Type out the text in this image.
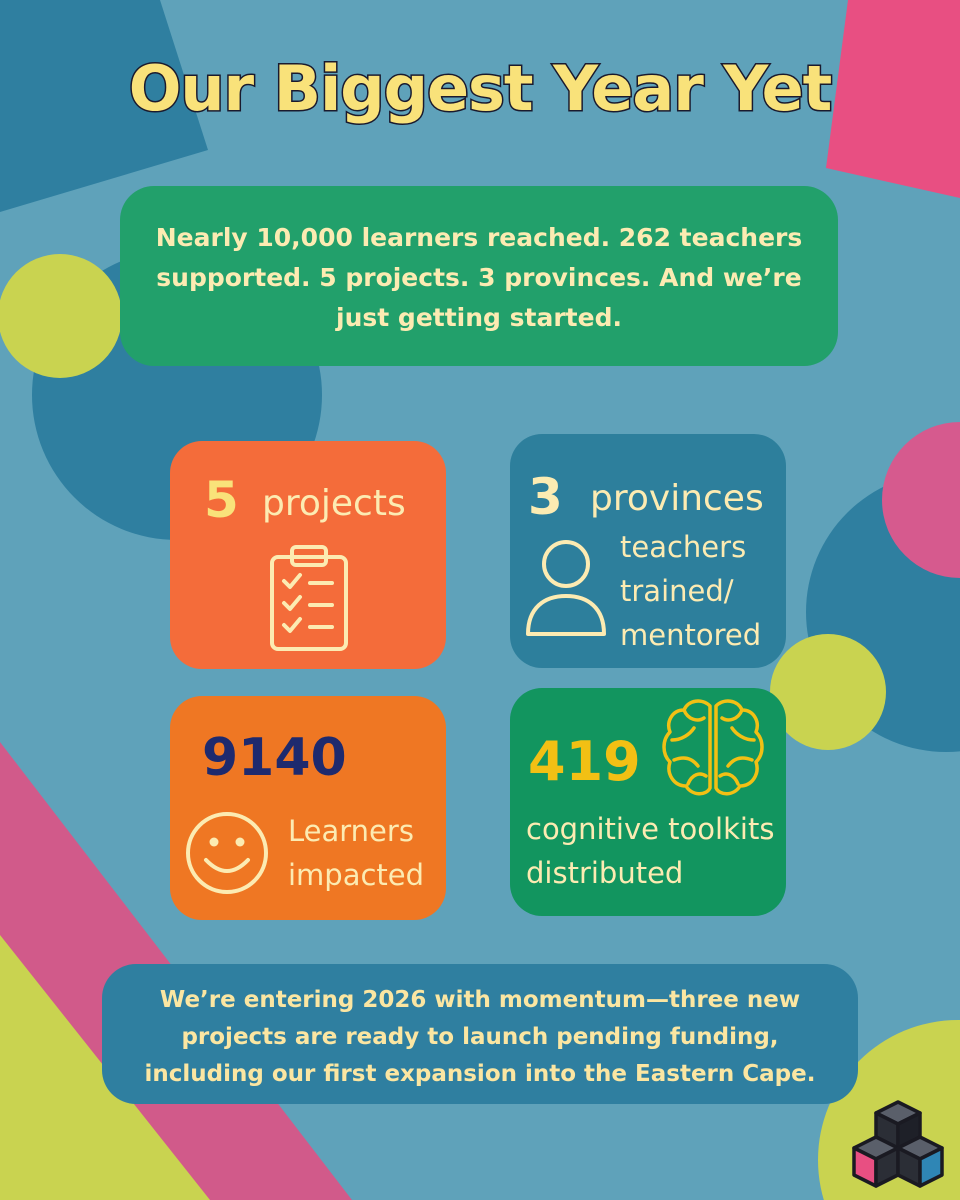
Our Biggest Year Yet
Nearly 10,000 learners reached. 262 teachers supported. 5 projects. 3 provinces. And we’re just getting started.
5 projects 3 provinces
teachers
trained/
mentored
9140
Learners
impacted
419
cognitive toolkits
distributed
We’re entering 2026 with momentum—three new projects are ready to launch pending funding, including our first expansion into the Eastern Cape.
